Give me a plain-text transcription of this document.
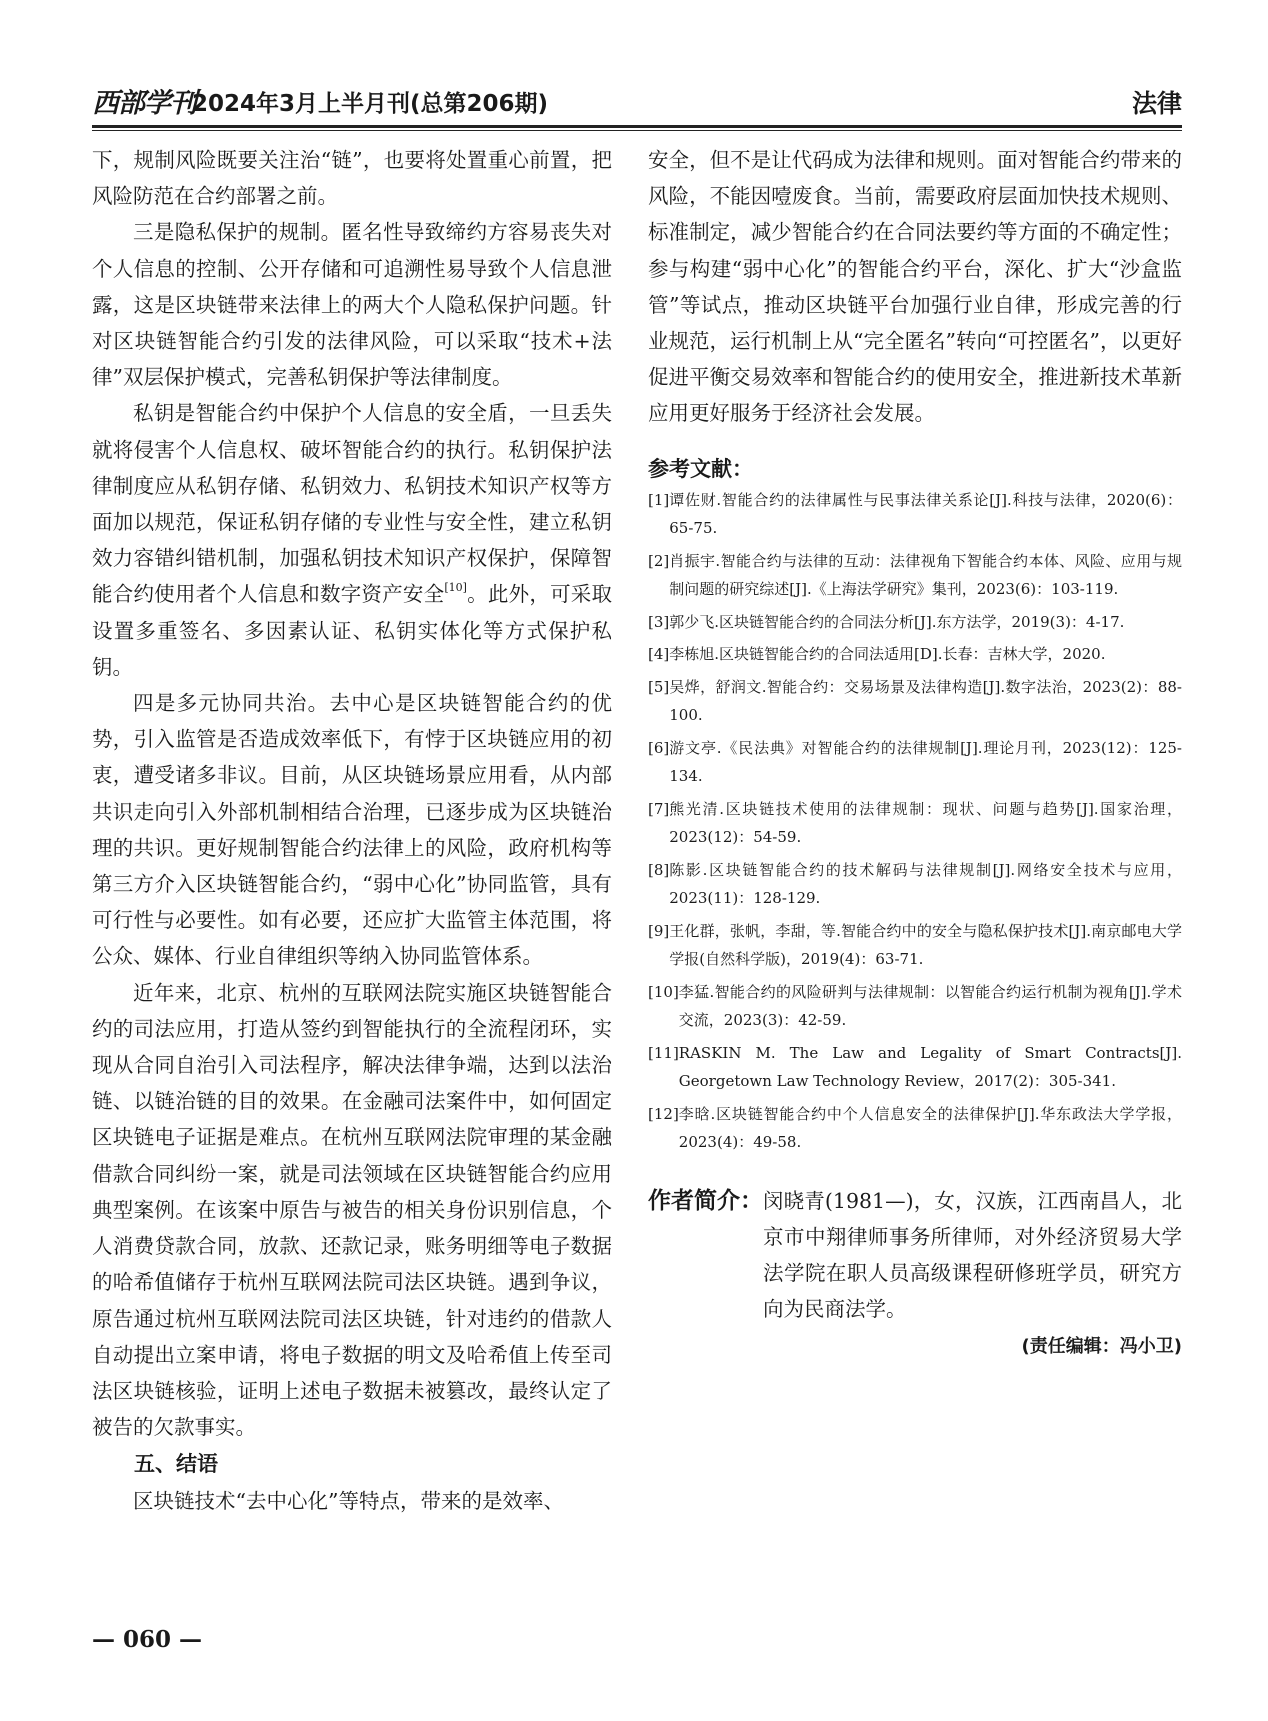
西部学刊
2024年3月上半月刊(总第206期)	法律

下，规制风险既要关注治“链”，也要将处置重心前置，把风险防范在合约部署之前。

三是隐私保护的规制。匿名性导致缔约方容易丧失对个人信息的控制、公开存储和可追溯性易导致个人信息泄露，这是区块链带来法律上的两大个人隐私保护问题。针对区块链智能合约引发的法律风险，可以采取“技术+法律”双层保护模式，完善私钥保护等法律制度。

私钥是智能合约中保护个人信息的安全盾，一旦丢失就将侵害个人信息权、破坏智能合约的执行。私钥保护法律制度应从私钥存储、私钥效力、私钥技术知识产权等方面加以规范，保证私钥存储的专业性与安全性，建立私钥效力容错纠错机制，加强私钥技术知识产权保护，保障智能合约使用者个人信息和数字资产安全[10]。此外，可采取设置多重签名、多因素认证、私钥实体化等方式保护私钥。

四是多元协同共治。去中心是区块链智能合约的优势，引入监管是否造成效率低下，有悖于区块链应用的初衷，遭受诸多非议。目前，从区块链场景应用看，从内部共识走向引入外部机制相结合治理，已逐步成为区块链治理的共识。更好规制智能合约法律上的风险，政府机构等第三方介入区块链智能合约，“弱中心化”协同监管，具有可行性与必要性。如有必要，还应扩大监管主体范围，将公众、媒体、行业自律组织等纳入协同监管体系。

近年来，北京、杭州的互联网法院实施区块链智能合约的司法应用，打造从签约到智能执行的全流程闭环，实现从合同自治引入司法程序，解决法律争端，达到以法治链、以链治链的目的效果。在金融司法案件中，如何固定区块链电子证据是难点。在杭州互联网法院审理的某金融借款合同纠纷一案，就是司法领域在区块链智能合约应用典型案例。在该案中原告与被告的相关身份识别信息，个人消费贷款合同，放款、还款记录，账务明细等电子数据的哈希值储存于杭州互联网法院司法区块链。遇到争议，原告通过杭州互联网法院司法区块链，针对违约的借款人自动提出立案申请，将电子数据的明文及哈希值上传至司法区块链核验，证明上述电子数据未被篡改，最终认定了被告的欠款事实。

五、结语

区块链技术“去中心化”等特点，带来的是效率、

安全，但不是让代码成为法律和规则。面对智能合约带来的风险，不能因噎废食。当前，需要政府层面加快技术规则、标准制定，减少智能合约在合同法要约等方面的不确定性；参与构建“弱中心化”的智能合约平台，深化、扩大“沙盒监管”等试点，推动区块链平台加强行业自律，形成完善的行业规范，运行机制上从“完全匿名”转向“可控匿名”，以更好促进平衡交易效率和智能合约的使用安全，推进新技术革新应用更好服务于经济社会发展。

参考文献：
[1] 谭佐财.智能合约的法律属性与民事法律关系论[J].科技与法律，2020(6)：65-75.
[2] 肖振宇.智能合约与法律的互动：法律视角下智能合约本体、风险、应用与规制问题的研究综述[J].《上海法学研究》集刊，2023(6)：103-119.
[3] 郭少飞.区块链智能合约的合同法分析[J].东方法学，2019(3)：4-17.
[4] 李栋旭.区块链智能合约的合同法适用[D].长春：吉林大学，2020.
[5] 吴烨，舒润文.智能合约：交易场景及法律构造[J].数字法治，2023(2)：88-100.
[6] 游文亭.《民法典》对智能合约的法律规制[J].理论月刊，2023(12)：125-134.
[7] 熊光清.区块链技术使用的法律规制：现状、问题与趋势[J].国家治理，2023(12)：54-59.
[8] 陈影.区块链智能合约的技术解码与法律规制[J].网络安全技术与应用，2023(11)：128-129.
[9] 王化群，张帆，李甜，等.智能合约中的安全与隐私保护技术[J].南京邮电大学学报(自然科学版)，2019(4)：63-71.
[10] 李猛.智能合约的风险研判与法律规制：以智能合约运行机制为视角[J].学术交流，2023(3)：42-59.
[11] RASKIN M. The Law and Legality of Smart Contracts[J]. Georgetown Law Technology Review，2017(2)：305-341.
[12] 李晗.区块链智能合约中个人信息安全的法律保护[J].华东政法大学学报，2023(4)：49-58.
作者简介： 闵晓青(1981—)，女，汉族，江西南昌人，北京市中翔律师事务所律师，对外经济贸易大学法学院在职人员高级课程研修班学员，研究方向为民商法学。
(责任编辑：冯小卫)
— 060 —
